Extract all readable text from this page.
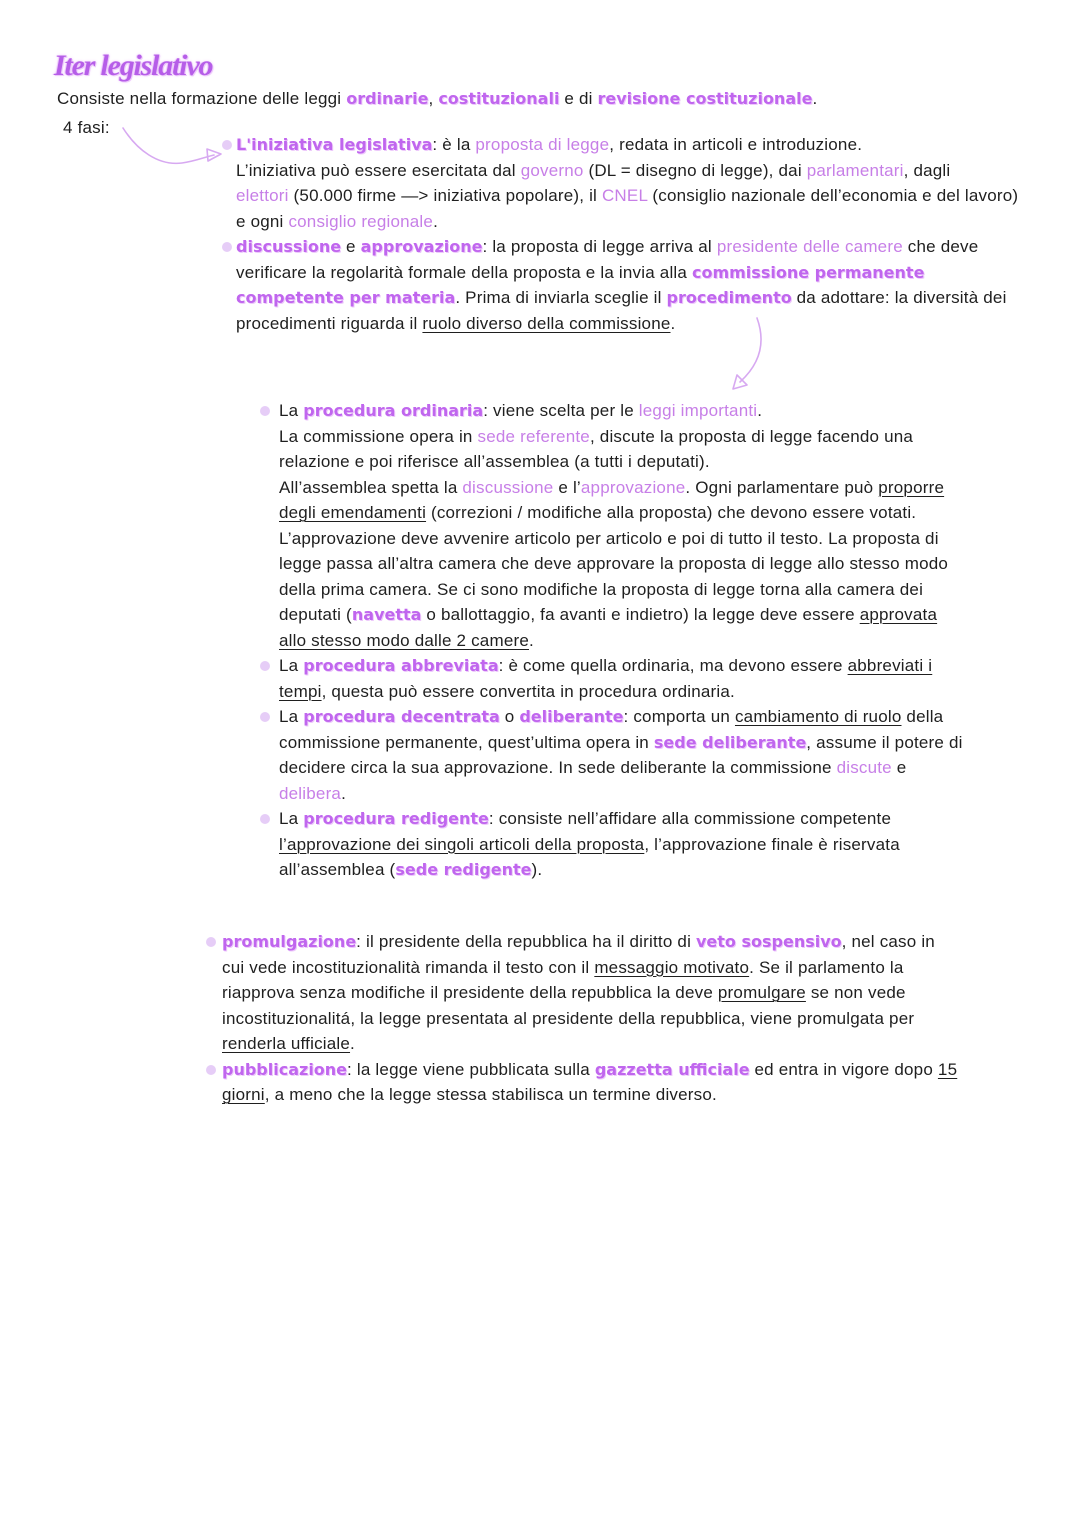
Iter legislativo

Consiste nella formazione delle leggi ordinarie, costituzionali e di revisione costituzionale.

4 fasi:
L'iniziativa legislativa: è la proposta di legge, redata in articoli e introduzione.
L’iniziativa può essere esercitata dal governo (DL = disegno di legge), dai parlamentari, dagli
elettori (50.000 firme —> iniziativa popolare), il CNEL (consiglio nazionale dell’economia e del lavoro)
e ogni consiglio regionale.
discussione e approvazione: la proposta di legge arriva al presidente delle camere che deve
verificare la regolarità formale della proposta e la invia alla commissione permanente
competente per materia. Prima di inviarla sceglie il procedimento da adottare: la diversità dei
procedimenti riguarda il ruolo diverso della commissione.
La procedura ordinaria: viene scelta per le leggi importanti.
La commissione opera in sede referente, discute la proposta di legge facendo una
relazione e poi riferisce all’assemblea (a tutti i deputati).
All’assemblea spetta la discussione e l’approvazione. Ogni parlamentare può proporre
degli emendamenti (correzioni / modifiche alla proposta) che devono essere votati.
L’approvazione deve avvenire articolo per articolo e poi di tutto il testo. La proposta di
legge passa all’altra camera che deve approvare la proposta di legge allo stesso modo
della prima camera. Se ci sono modifiche la proposta di legge torna alla camera dei
deputati (navetta o ballottaggio, fa avanti e indietro) la legge deve essere approvata
allo stesso modo dalle 2 camere.
La procedura abbreviata: è come quella ordinaria, ma devono essere abbreviati i
tempi, questa può essere convertita in procedura ordinaria.
La procedura decentrata o deliberante: comporta un cambiamento di ruolo della
commissione permanente, quest’ultima opera in sede deliberante, assume il potere di
decidere circa la sua approvazione. In sede deliberante la commissione discute e
delibera.
La procedura redigente: consiste nell’affidare alla commissione competente
l’approvazione dei singoli articoli della proposta, l’approvazione finale è riservata
all’assemblea (sede redigente).
promulgazione: il presidente della repubblica ha il diritto di veto sospensivo, nel caso in
cui vede incostituzionalità rimanda il testo con il messaggio motivato. Se il parlamento la
riapprova senza modifiche il presidente della repubblica la deve promulgare se non vede
incostituzionalitá, la legge presentata al presidente della repubblica, viene promulgata per
renderla ufficiale.
pubblicazione: la legge viene pubblicata sulla gazzetta ufficiale ed entra in vigore dopo 15
giorni, a meno che la legge stessa stabilisca un termine diverso.
